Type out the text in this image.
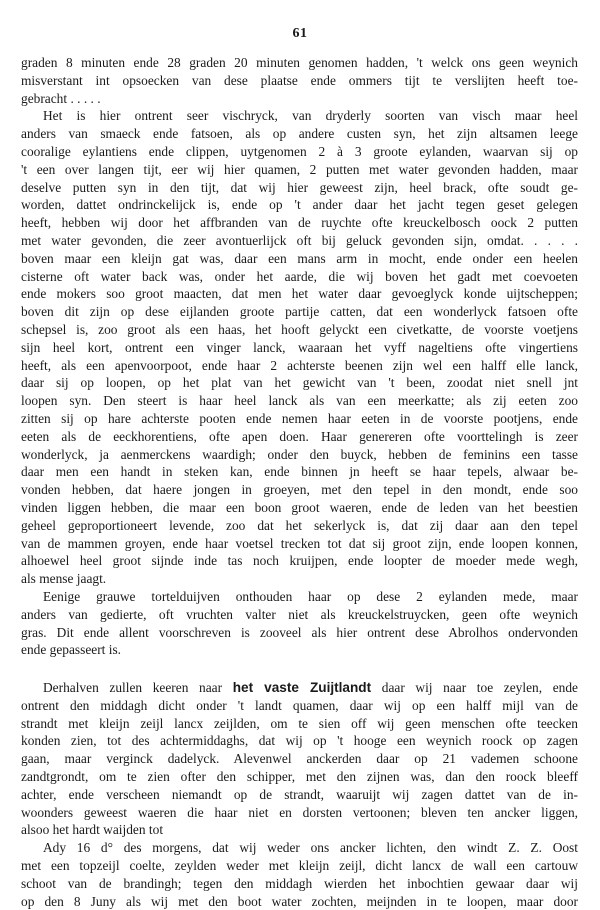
61
graden 8 minuten ende 28 graden 20 minuten genomen hadden, 't welck ons geen weynich
misverstant int opsoecken van dese plaatse ende ommers tijt te verslijten heeft toe-
gebracht . . . . .
Het is hier ontrent seer vischryck, van dryderly soorten van visch maar heel
anders van smaeck ende fatsoen, als op andere custen syn, het zijn altsamen leege
cooralige eylantiens ende clippen, uytgenomen 2 à 3 groote eylanden, waarvan sij op
't een over langen tijt, eer wij hier quamen, 2 putten met water gevonden hadden, maar
deselve putten syn in den tijt, dat wij hier geweest zijn, heel brack, ofte soudt ge-
worden, dattet ondrinckelijck is, ende op 't ander daar het jacht tegen geset gelegen
heeft, hebben wij door het affbranden van de ruychte ofte kreuckelbosch oock 2 putten
met water gevonden, die zeer avontuerlijck oft bij geluck gevonden sijn, omdat. . . . .
boven maar een kleijn gat was, daar een mans arm in mocht, ende onder een heelen
cisterne oft water back was, onder het aarde, die wij boven het gadt met coevoeten
ende mokers soo groot maacten, dat men het water daar gevoeglyck konde uijtscheppen;
boven dit zijn op dese eijlanden groote partije catten, dat een wonderlyck fatsoen ofte
schepsel is, zoo groot als een haas, het hooft gelyckt een civetkatte, de voorste voetjens
sijn heel kort, ontrent een vinger lanck, waaraan het vyff nageltiens ofte vingertiens
heeft, als een apenvoorpoot, ende haar 2 achterste beenen zijn wel een halff elle lanck,
daar sij op loopen, op het plat van het gewicht van 't been, zoodat niet snell jnt
loopen syn. Den steert is haar heel lanck als van een meerkatte; als zij eeten zoo
zitten sij op hare achterste pooten ende nemen haar eeten in de voorste pootjens, ende
eeten als de eeckhorentiens, ofte apen doen. Haar genereren ofte voorttelingh is zeer
wonderlyck, ja aenmerckens waardigh; onder den buyck, hebben de feminins een tasse
daar men een handt in steken kan, ende binnen jn heeft se haar tepels, alwaar be-
vonden hebben, dat haere jongen in groeyen, met den tepel in den mondt, ende soo
vinden liggen hebben, die maar een boon groot waeren, ende de leden van het beestien
geheel geproportioneert levende, zoo dat het sekerlyck is, dat zij daar aan den tepel
van de mammen groyen, ende haar voetsel trecken tot dat sij groot zijn, ende loopen konnen,
alhoewel heel groot sijnde inde tas noch kruijpen, ende loopter de moeder mede wegh,
als mense jaagt.
Eenige grauwe torteldui‌jven onthouden haar op dese 2 eylanden mede, maar
anders van gedierte, oft vruchten valter niet als kreuckelstruycken, geen ofte weynich
gras. Dit ende allent voorschreven is zooveel als hier ontrent dese Abrolhos ondervonden
ende gepasseert is.
Derhalven zullen keeren naar het vaste Zuijtlandt daar wij naar toe zeylen, ende
ontrent den middagh dicht onder 't landt quamen, daar wij op een halff mijl van de
strandt met kleijn zeijl lancx zeijlden, om te sien off wij geen menschen ofte teecken
konden zien, tot des achtermiddaghs, dat wij op 't hooge een weynich roock op zagen
gaan, maar verginck dadelyck. Alevenwel anckerden daar op 21 vademen schoone
zandtgrondt, om te zien ofter den schipper, met den zijnen was, dan den roock bleeff
achter, ende verscheen niemandt op de strandt, waaruijt wij zagen dattet van de in-
woonders geweest waeren die haar niet en dorsten vertoonen; bleven ten ancker liggen,
alsoo het hardt waijden tot
Ady 16 d° des morgens, dat wij weder ons ancker lichten, den windt Z. Z. Oost
met een topzeijl coelte, zeylden weder met kleijn zeijl, dicht lancx de wall een cartouw
schoot van de brandingh; tegen den middagh wierden het inbochtien gewaar daar wij
op den 8 Juny als wij met den boot water zochten, meijnden in te loopen, maar door
